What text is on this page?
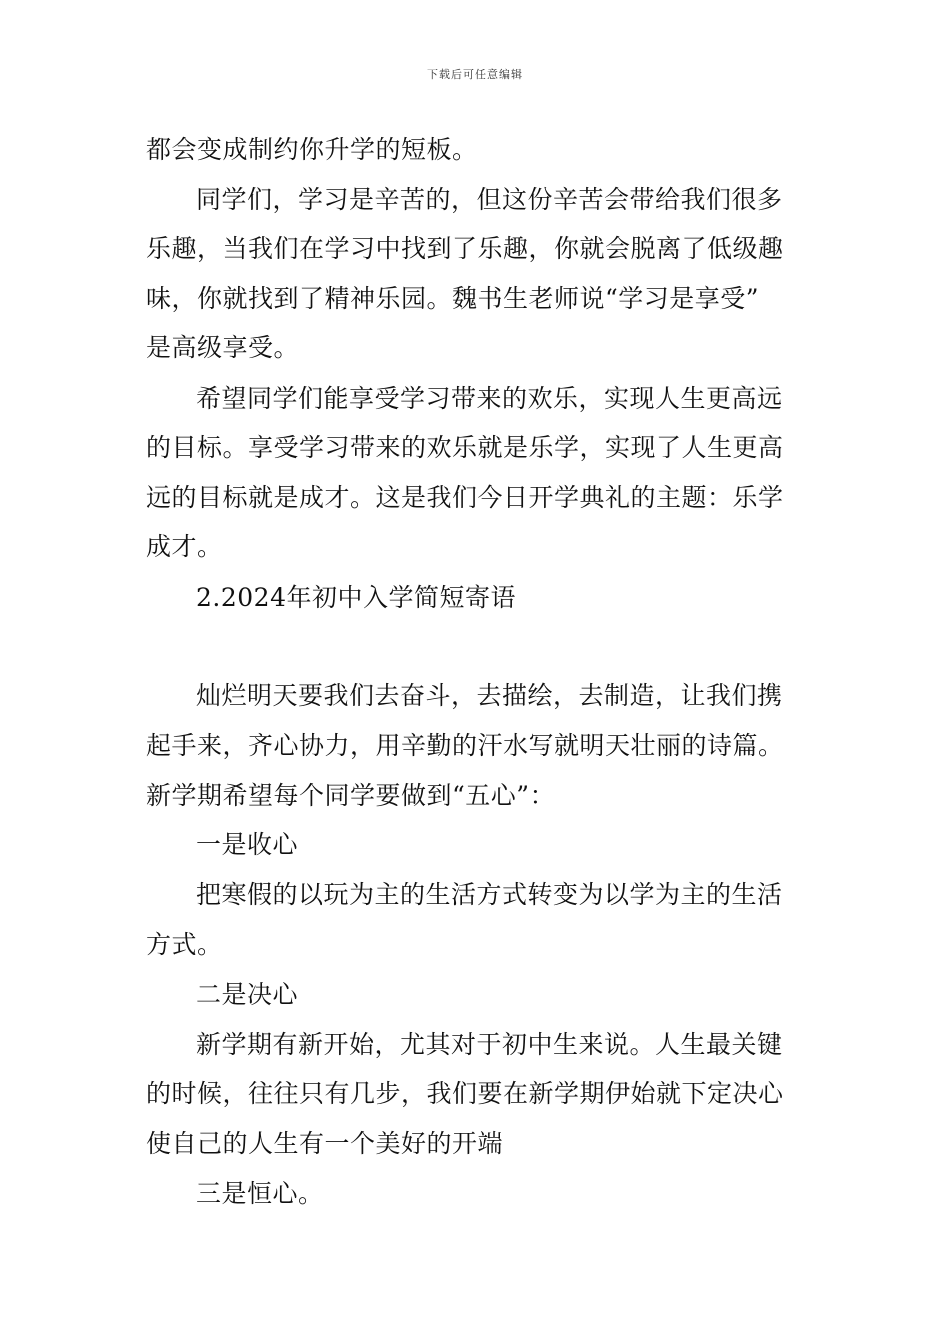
下载后可任意编辑
都会变成制约你升学的短板。
同学们，学习是辛苦的，但这份辛苦会带给我们很多
乐趣，当我们在学习中找到了乐趣，你就会脱离了低级趣
味，你就找到了精神乐园。魏书生老师说“学习是享受”
是高级享受。
希望同学们能享受学习带来的欢乐，实现人生更高远
的目标。享受学习带来的欢乐就是乐学，实现了人生更高
远的目标就是成才。这是我们今日开学典礼的主题：乐学
成才。
2.2024年初中入学简短寄语
灿烂明天要我们去奋斗，去描绘，去制造，让我们携
起手来，齐心协力，用辛勤的汗水写就明天壮丽的诗篇。
新学期希望每个同学要做到“五心”：
一是收心
把寒假的以玩为主的生活方式转变为以学为主的生活
方式。
二是决心
新学期有新开始，尤其对于初中生来说。人生最关键
的时候，往往只有几步，我们要在新学期伊始就下定决心
使自己的人生有一个美好的开端
三是恒心。
